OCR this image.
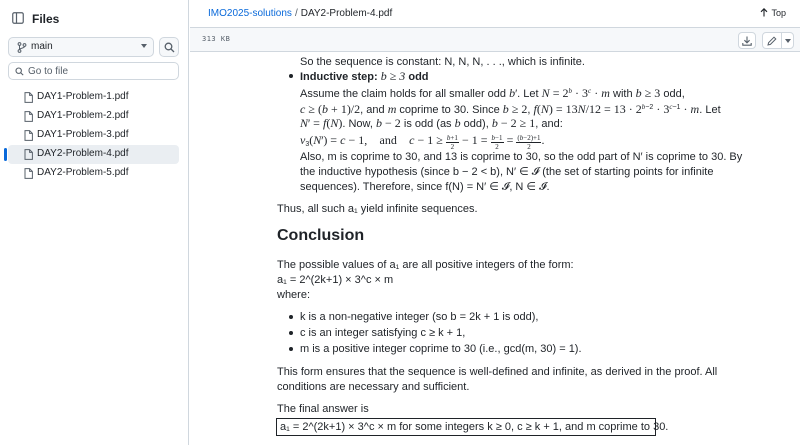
Files
main
Go to file
DAY1-Problem-1.pdf
DAY1-Problem-2.pdf
DAY1-Problem-3.pdf
DAY2-Problem-4.pdf
DAY2-Problem-5.pdf
IMO2025-solutions / DAY2-Problem-4.pdf	Top
313 KB
So the sequence is constant: N, N, N, . . ., which is infinite.
Inductive step: b ≥ 3 odd
Assume the claim holds for all smaller odd b′. Let $N = 2^b \cdot 3^c \cdot m$ with b ≥ 3 odd,
c ≥ (b + 1)/2, and m coprime to 30. Since b ≥ 2, $f(N) = 13N/12 = 13 \cdot 2^{b-2} \cdot 3^{c-1} \cdot m$. Let
N′ = f(N). Now, b − 2 is odd (as b odd), b − 2 ≥ 1, and:
$\nu_3(N') = c - 1$, and $c - 1 \ge \frac{b+1}{2} - 1 = \frac{b-1}{2} = \frac{(b-2)+1}{2}$ .
Also, m is coprime to 30, and 13 is coprime to 30, so the odd part of N′ is coprime to 30. By
the inductive hypothesis (since b − 2 < b), N′ ∈ 𝓘 (the set of starting points for infinite
sequences). Therefore, since f(N) = N′ ∈ 𝓘, N ∈ 𝓘.
Thus, all such a₁ yield infinite sequences.
Conclusion
The possible values of a₁ are all positive integers of the form:
a₁ = 2^(2k+1) × 3^c × m
where:
k is a non-negative integer (so b = 2k + 1 is odd),
c is an integer satisfying c ≥ k + 1,
m is a positive integer coprime to 30 (i.e., gcd(m, 30) = 1).
This form ensures that the sequence is well-defined and infinite, as derived in the proof. All
conditions are necessary and sufficient.
The final answer is
a₁ = 2^(2k+1) × 3^c × m for some integers k ≥ 0, c ≥ k + 1, and m coprime to 30.
